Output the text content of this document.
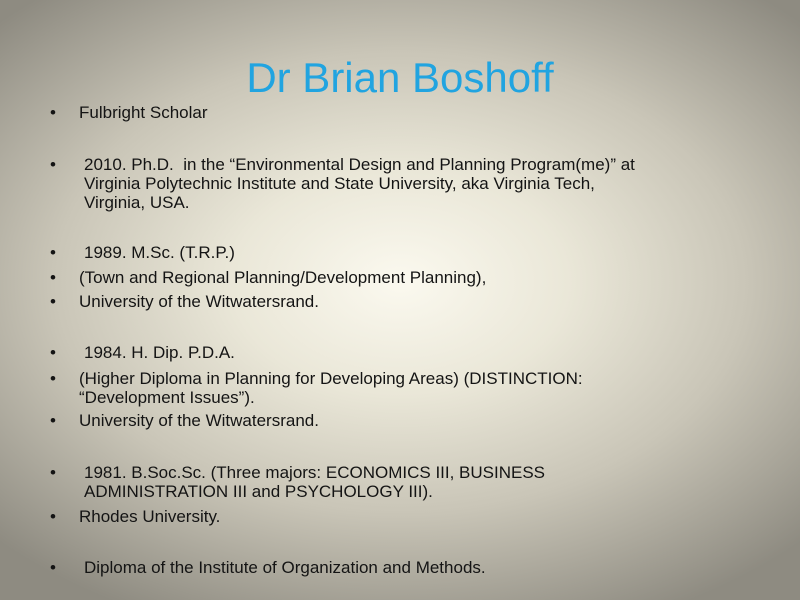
Dr Brian Boshoff
• Fulbright Scholar
• 2010. Ph.D.  in the “Environmental Design and Planning Program(me)” at
Virginia Polytechnic Institute and State University, aka Virginia Tech,
Virginia, USA.
• 1989. M.Sc. (T.R.P.)
• (Town and Regional Planning/Development Planning),
• University of the Witwatersrand.
• 1984. H. Dip. P.D.A.
• (Higher Diploma in Planning for Developing Areas) (DISTINCTION:
“Development Issues”).
• University of the Witwatersrand.
• 1981. B.Soc.Sc. (Three majors: ECONOMICS III, BUSINESS
ADMINISTRATION III and PSYCHOLOGY III).
• Rhodes University.
• Diploma of the Institute of Organization and Methods.
